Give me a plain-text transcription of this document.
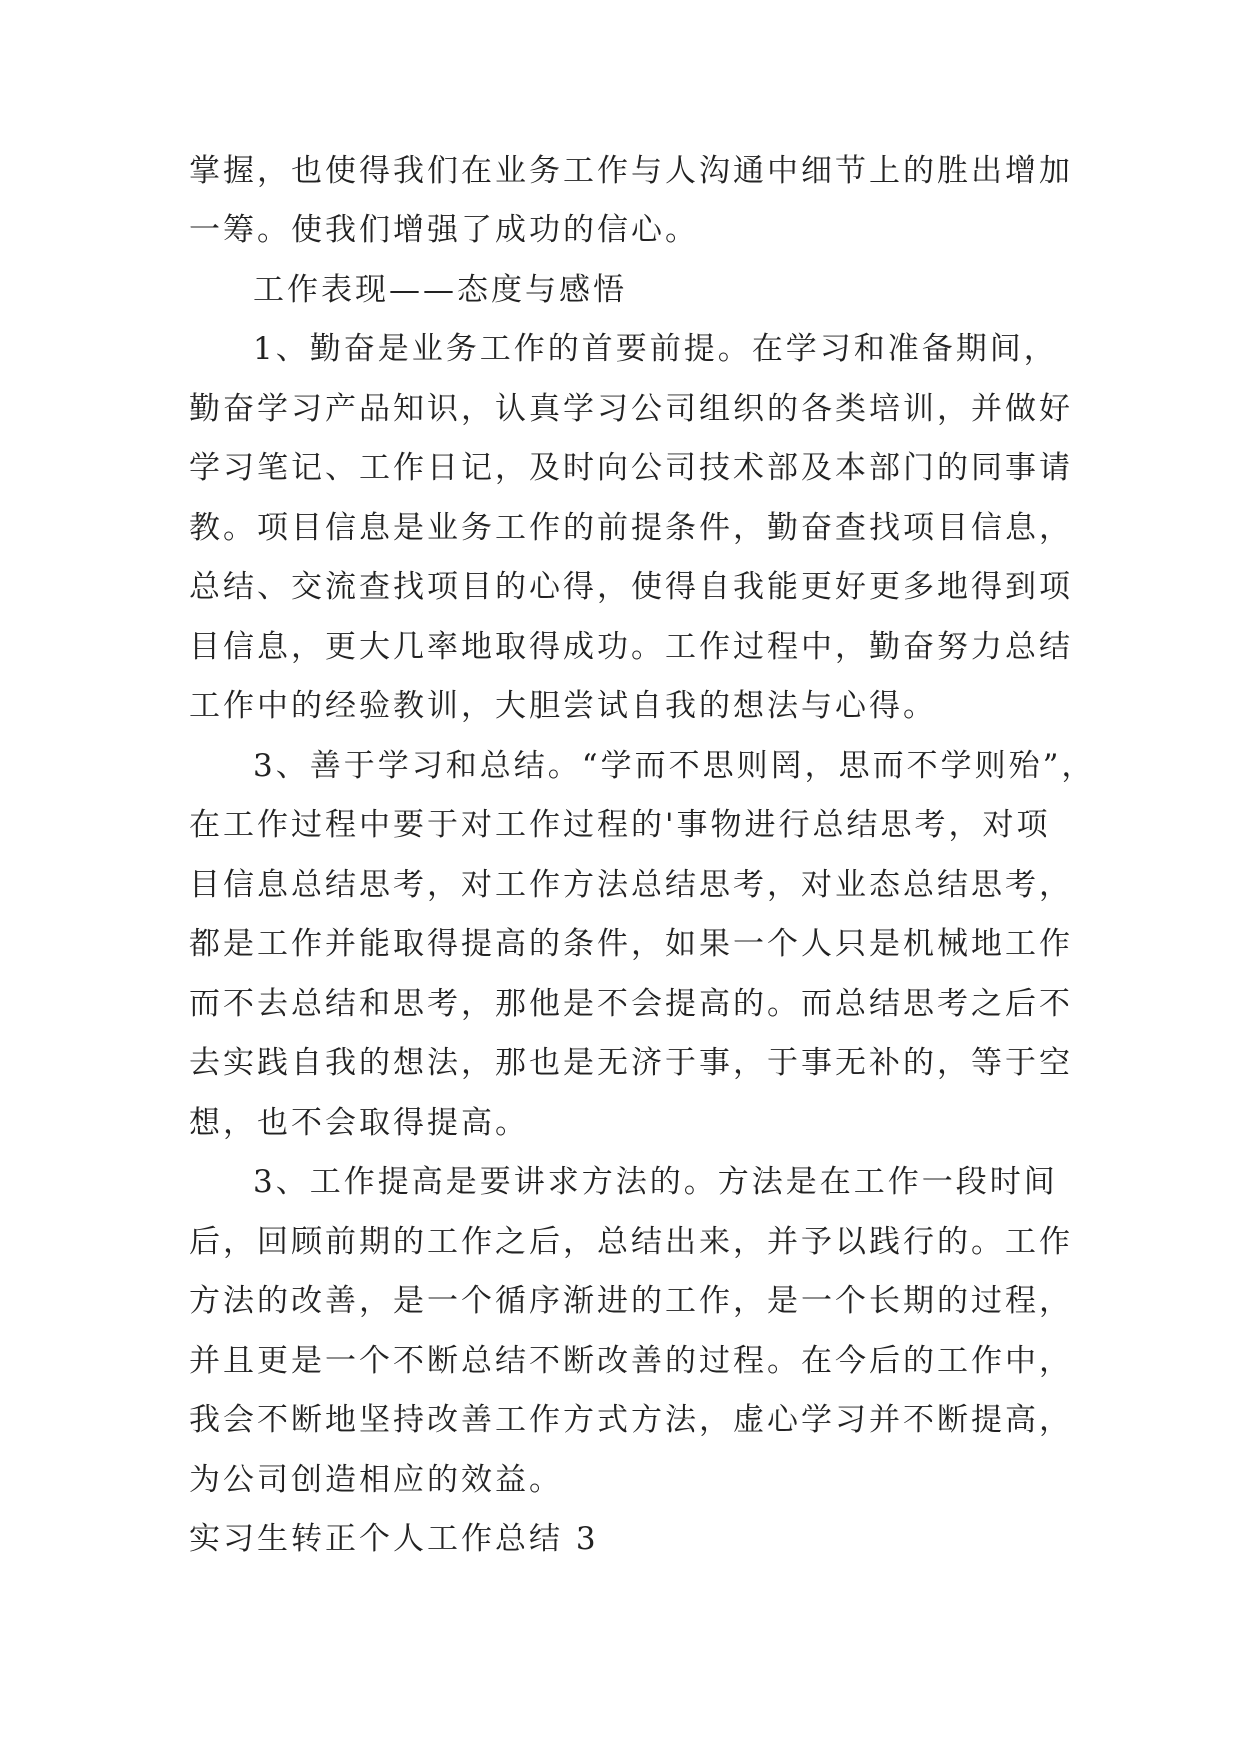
掌握，也使得我们在业务工作与人沟通中细节上的胜出增加
一筹。使我们增强了成功的信心。
工作表现——态度与感悟
1、勤奋是业务工作的首要前提。在学习和准备期间，
勤奋学习产品知识，认真学习公司组织的各类培训，并做好
学习笔记、工作日记，及时向公司技术部及本部门的同事请
教。项目信息是业务工作的前提条件，勤奋查找项目信息，
总结、交流查找项目的心得，使得自我能更好更多地得到项
目信息，更大几率地取得成功。工作过程中，勤奋努力总结
工作中的经验教训，大胆尝试自我的想法与心得。
3、善于学习和总结。“学而不思则罔，思而不学则殆”，
在工作过程中要于对工作过程的'事物进行总结思考，对项
目信息总结思考，对工作方法总结思考，对业态总结思考，
都是工作并能取得提高的条件，如果一个人只是机械地工作
而不去总结和思考，那他是不会提高的。而总结思考之后不
去实践自我的想法，那也是无济于事，于事无补的，等于空
想，也不会取得提高。
3、工作提高是要讲求方法的。方法是在工作一段时间
后，回顾前期的工作之后，总结出来，并予以践行的。工作
方法的改善，是一个循序渐进的工作，是一个长期的过程，
并且更是一个不断总结不断改善的过程。在今后的工作中，
我会不断地坚持改善工作方式方法，虚心学习并不断提高，
为公司创造相应的效益。
实习生转正个人工作总结 3
